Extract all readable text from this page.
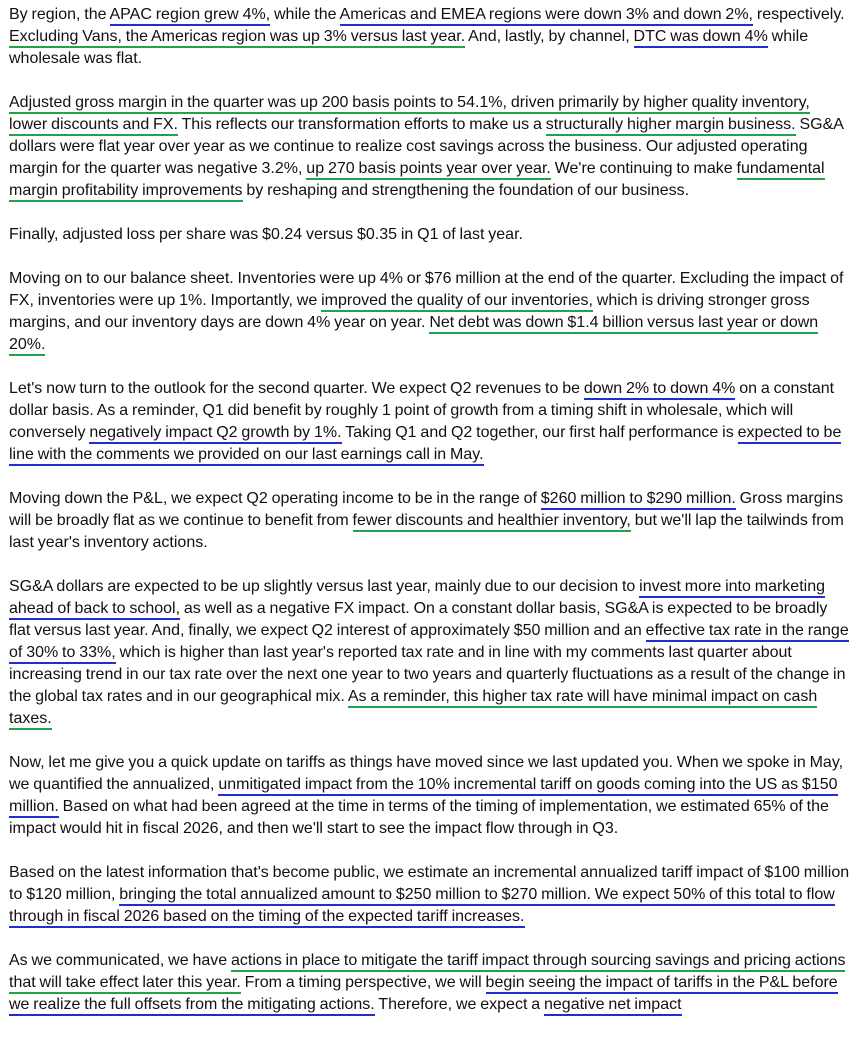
By region, the APAC region grew 4%, while the Americas and EMEA regions were down 3% and down 2%, respectively. Excluding Vans, the Americas region was up 3% versus last year. And, lastly, by channel, DTC was down 4% while wholesale was flat.

Adjusted gross margin in the quarter was up 200 basis points to 54.1%, driven primarily by higher quality inventory, lower discounts and FX. This reflects our transformation efforts to make us a structurally higher margin business. SG&A dollars were flat year over year as we continue to realize cost savings across the business. Our adjusted operating margin for the quarter was negative 3.2%, up 270 basis points year over year. We're continuing to make fundamental margin profitability improvements by reshaping and strengthening the foundation of our business.

Finally, adjusted loss per share was $0.24 versus $0.35 in Q1 of last year.

Moving on to our balance sheet. Inventories were up 4% or $76 million at the end of the quarter. Excluding the impact of FX, inventories were up 1%. Importantly, we improved the quality of our inventories, which is driving stronger gross margins, and our inventory days are down 4% year on year. Net debt was down $1.4 billion versus last year or down 20%.

Let's now turn to the outlook for the second quarter. We expect Q2 revenues to be down 2% to down 4% on a constant dollar basis. As a reminder, Q1 did benefit by roughly 1 point of growth from a timing shift in wholesale, which will conversely negatively impact Q2 growth by 1%. Taking Q1 and Q2 together, our first half performance is expected to be line with the comments we provided on our last earnings call in May.

Moving down the P&L, we expect Q2 operating income to be in the range of $260 million to $290 million. Gross margins will be broadly flat as we continue to benefit from fewer discounts and healthier inventory, but we'll lap the tailwinds from last year's inventory actions.

SG&A dollars are expected to be up slightly versus last year, mainly due to our decision to invest more into marketing ahead of back to school, as well as a negative FX impact. On a constant dollar basis, SG&A is expected to be broadly flat versus last year. And, finally, we expect Q2 interest of approximately $50 million and an effective tax rate in the range of 30% to 33%, which is higher than last year's reported tax rate and in line with my comments last quarter about increasing trend in our tax rate over the next one year to two years and quarterly fluctuations as a result of the change in the global tax rates and in our geographical mix. As a reminder, this higher tax rate will have minimal impact on cash taxes.

Now, let me give you a quick update on tariffs as things have moved since we last updated you. When we spoke in May, we quantified the annualized, unmitigated impact from the 10% incremental tariff on goods coming into the US as $150 million. Based on what had been agreed at the time in terms of the timing of implementation, we estimated 65% of the impact would hit in fiscal 2026, and then we'll start to see the impact flow through in Q3.

Based on the latest information that's become public, we estimate an incremental annualized tariff impact of $100 million to $120 million, bringing the total annualized amount to $250 million to $270 million. We expect 50% of this total to flow through in fiscal 2026 based on the timing of the expected tariff increases.

As we communicated, we have actions in place to mitigate the tariff impact through sourcing savings and pricing actions that will take effect later this year. From a timing perspective, we will begin seeing the impact of tariffs in the P&L before we realize the full offsets from the mitigating actions. Therefore, we expect a negative net impact
